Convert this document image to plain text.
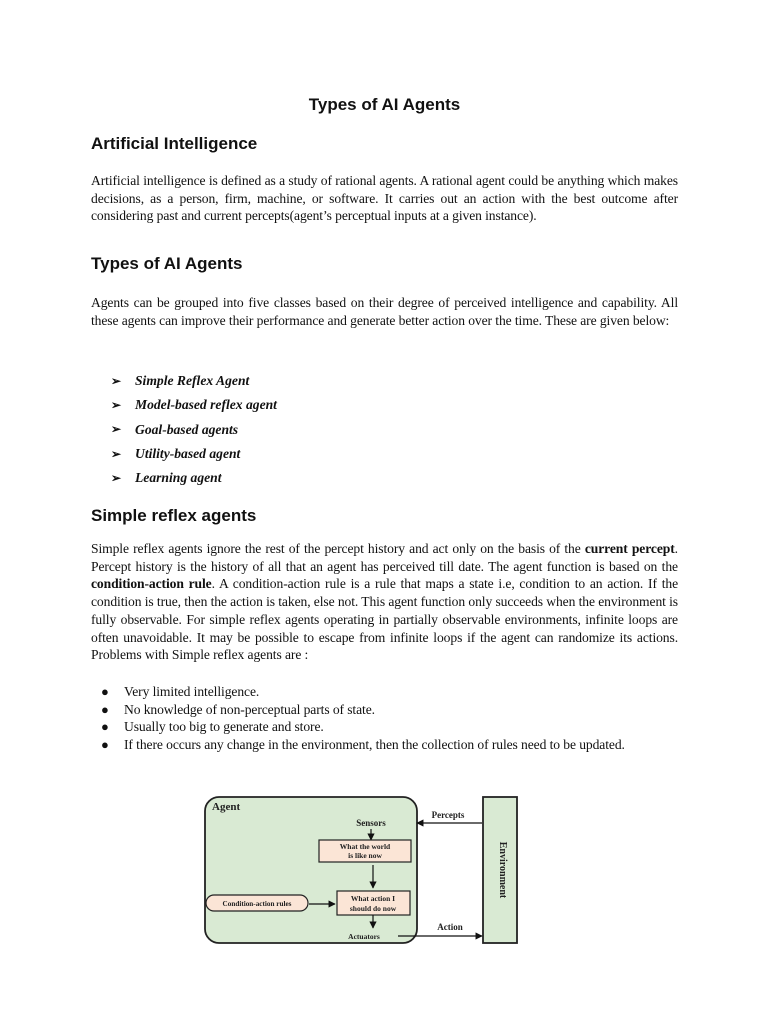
Types of AI Agents
Artificial Intelligence

Artificial intelligence is defined as a study of rational agents. A rational agent could be anything which makes decisions, as a person, firm, machine, or software. It carries out an action with the best outcome after considering past and current percepts(agent’s perceptual inputs at a given instance).

Types of AI Agents

Agents can be grouped into five classes based on their degree of perceived intelligence and capability. All these agents can improve their performance and generate better action over the time. These are given below:

➢	Simple Reflex Agent
➢	Model-based reflex agent
➢	Goal-based agents
➢	Utility-based agent
➢	Learning agent
Simple reflex agents

Simple reflex agents ignore the rest of the percept history and act only on the basis of the current percept. Percept history is the history of all that an agent has perceived till date. The agent function is based on the condition-action rule. A condition-action rule is a rule that maps a state i.e, condition to an action. If the condition is true, then the action is taken, else not. This agent function only succeeds when the environment is fully observable. For simple reflex agents operating in partially observable environments, infinite loops are often unavoidable. It may be possible to escape from infinite loops if the agent can randomize its actions. Problems with Simple reflex agents are :

● Very limited intelligence.
● No knowledge of non-perceptual parts of state.
● Usually too big to generate and store.
● If there occurs any change in the environment, then the collection of rules need to be updated.
Agent
Sensors
What the world
is like now
Condition-action rules
What action I
should do now
Actuators
Environment
Percepts
Action
